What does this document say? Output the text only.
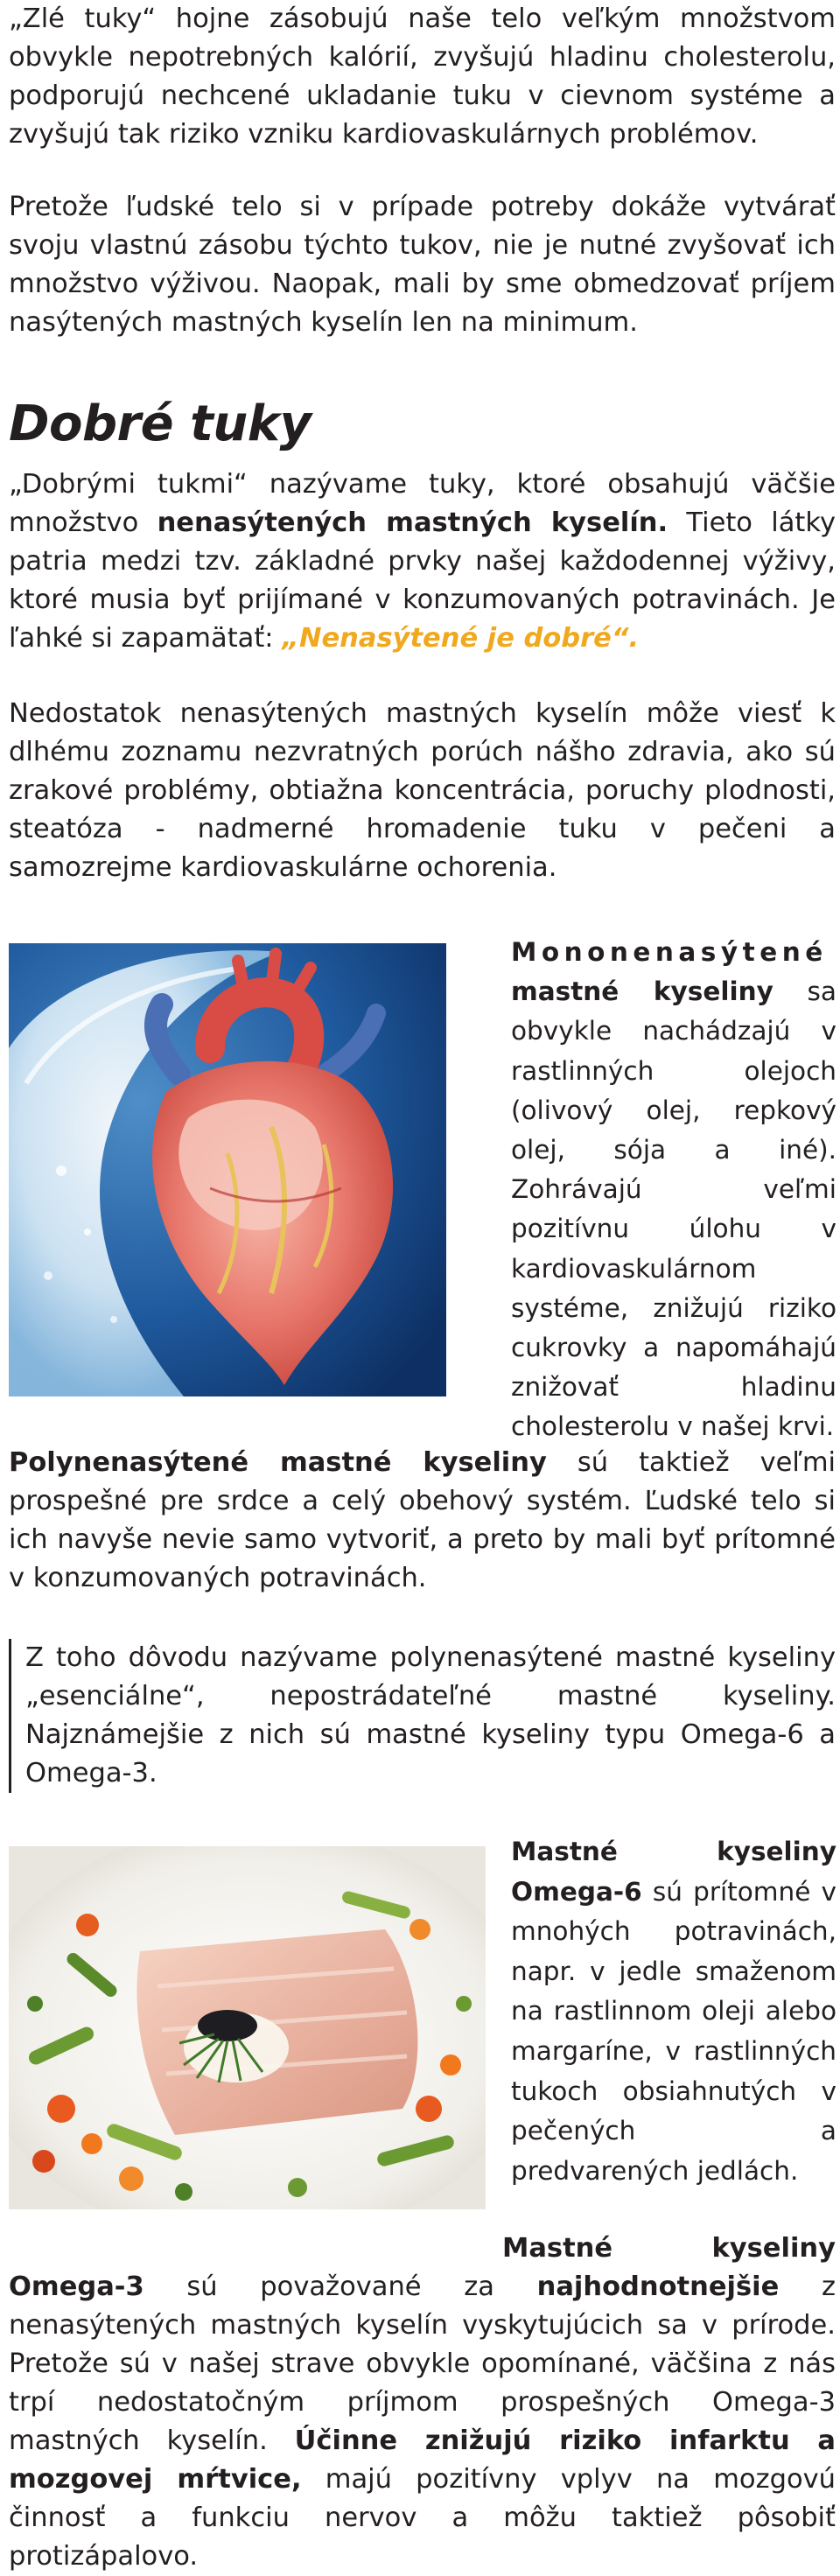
„Zlé tuky“ hojne zásobujú naše telo veľkým množstvom obvykle nepotrebných kalórií, zvyšujú hladinu cholesterolu, podporujú nechcené ukladanie tuku v cievnom systéme a zvyšujú tak riziko vzniku kardiovaskulárnych problémov.

Pretože ľudské telo si v prípade potreby dokáže vytvárať svoju vlastnú zásobu týchto tukov, nie je nutné zvyšovať ich množstvo výživou. Naopak, mali by sme obmedzovať príjem nasýtených mastných kyselín len na minimum.

Dobré tuky

„Dobrými tukmi“ nazývame tuky, ktoré obsahujú väčšie množstvo nenasýtených mastných kyselín. Tieto látky patria medzi tzv. základné prvky našej každodennej výživy, ktoré musia byť prijímané v konzumovaných potravinách. Je ľahké si zapamätať: „Nenasýtené je dobré“.

Nedostatok nenasýtených mastných kyselín môže viesť k dlhému zoznamu nezvratných porúch nášho zdravia, ako sú zrakové problémy, obtiažna koncentrácia, poruchy plodnosti, steatóza - nadmerné hromadenie tuku v pečeni a samozrejme kardiovaskulárne ochorenia.

Mononenasýtené mastné kyseliny sa obvykle nachádzajú v rastlinných olejoch (olivový olej, repkový olej, sója a iné). Zohrávajú veľmi pozitívnu úlohu v kardiovaskulárnom systéme, znižujú riziko cukrovky a napomáhajú znižovať hladinu cholesterolu v našej krvi.

Polynenasýtené mastné kyseliny sú taktiež veľmi prospešné pre srdce a celý obehový systém. Ľudské telo si ich navyše nevie samo vytvoriť, a preto by mali byť prítomné v konzumovaných potravinách.

Z toho dôvodu nazývame polynenasýtené mastné kyseliny „esenciálne“, nepostrádateľné mastné kyseliny. Najznámejšie z nich sú mastné kyseliny typu Omega-6 a Omega-3.

Mastné kyseliny Omega-6 sú prítomné v mnohých potravinách, napr. v jedle smaženom na rastlinnom oleji alebo margaríne, v rastlinných tukoch obsiahnutých v pečených a predvarených jedlách.

Mastné kyseliny Omega-3 sú považované za najhodnotnejšie z nenasýtených mastných kyselín vyskytujúcich sa v prírode. Pretože sú v našej strave obvykle opomínané, väčšina z nás trpí nedostatočným príjmom prospešných Omega-3 mastných kyselín. Účinne znižujú riziko infarktu a mozgovej mŕtvice, majú pozitívny vplyv na mozgovú činnosť a funkciu nervov a môžu taktiež pôsobiť protizápalovo.
